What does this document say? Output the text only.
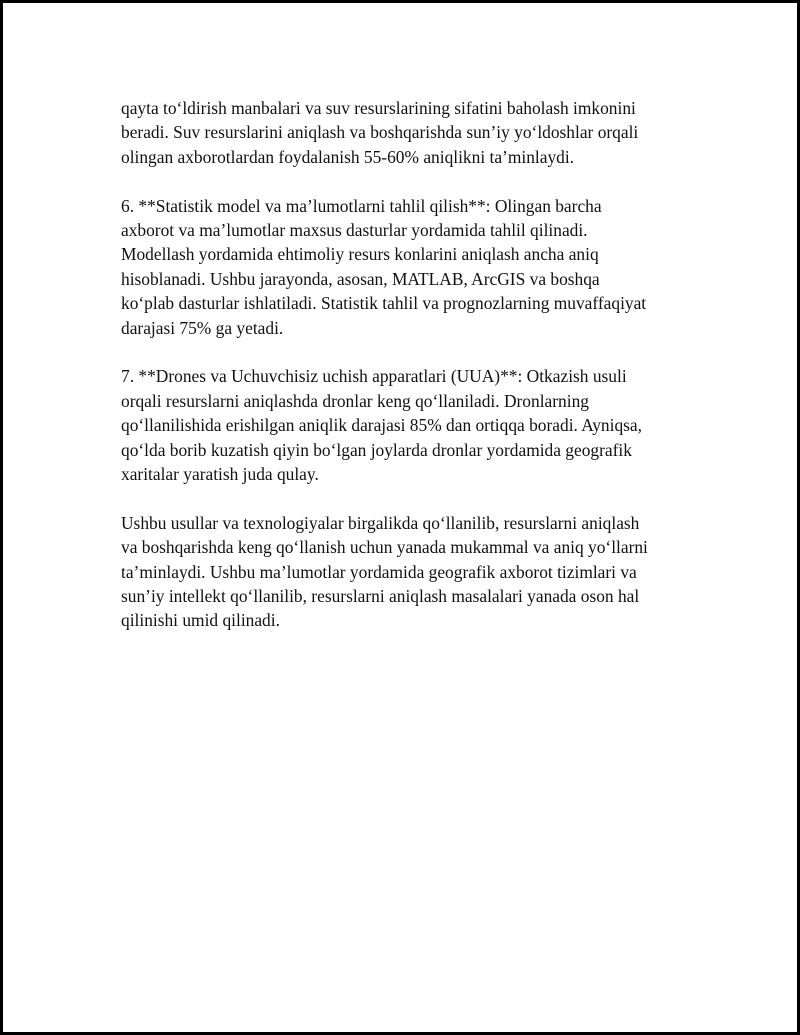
qayta to‘ldirish manbalari va suv resurslarining sifatini baholash imkonini
beradi. Suv resurslarini aniqlash va boshqarishda sun’iy yo‘ldoshlar orqali
olingan axborotlardan foydalanish 55-60% aniqlikni ta’minlaydi.

6. **Statistik model va ma’lumotlarni tahlil qilish**: Olingan barcha
axborot va ma’lumotlar maxsus dasturlar yordamida tahlil qilinadi.
Modellash yordamida ehtimoliy resurs konlarini aniqlash ancha aniq
hisoblanadi. Ushbu jarayonda, asosan, MATLAB, ArcGIS va boshqa
ko‘plab dasturlar ishlatiladi. Statistik tahlil va prognozlarning muvaffaqiyat
darajasi 75% ga yetadi.

7. **Drones va Uchuvchisiz uchish apparatlari (UUA)**: Otkazish usuli
orqali resurslarni aniqlashda dronlar keng qo‘llaniladi. Dronlarning
qo‘llanilishida erishilgan aniqlik darajasi 85% dan ortiqqa boradi. Ayniqsa,
qo‘lda borib kuzatish qiyin bo‘lgan joylarda dronlar yordamida geografik
xaritalar yaratish juda qulay.

Ushbu usullar va texnologiyalar birgalikda qo‘llanilib, resurslarni aniqlash
va boshqarishda keng qo‘llanish uchun yanada mukammal va aniq yo‘llarni
ta’minlaydi. Ushbu ma’lumotlar yordamida geografik axborot tizimlari va
sun’iy intellekt qo‘llanilib, resurslarni aniqlash masalalari yanada oson hal
qilinishi umid qilinadi.
